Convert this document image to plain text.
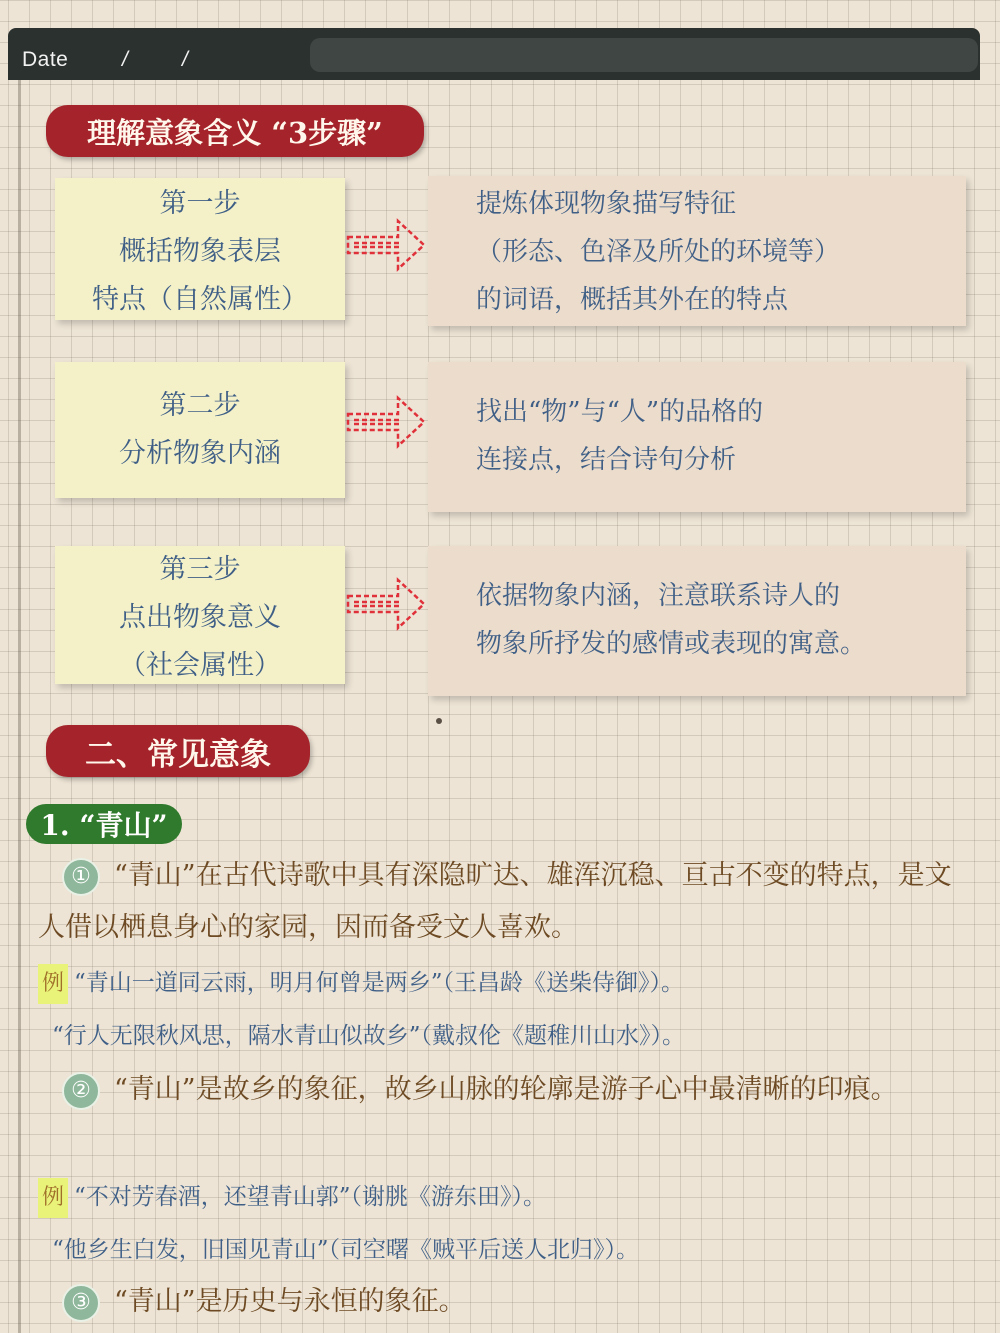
Date	/	/
理解意象含义 “3步骤”
第一步
概括物象表层
特点（自然属性）
提炼体现物象描写特征
（形态、色泽及所处的环境等）
的词语，概括其外在的特点
第二步
分析物象内涵
找出“物”与“人”的品格的
连接点，结合诗句分析
第三步
点出物象意义
（社会属性）
依据物象内涵，注意联系诗人的
物象所抒发的感情或表现的寓意。
二、常见意象
1. “青山”
① “青山”在古代诗歌中具有深隐旷达、雄浑沉稳、亘古不变的特点，是文人借以栖息身心的家园，因而备受文人喜欢。
例 “青山一道同云雨，明月何曾是两乡”（王昌龄《送柴侍御》）。
“行人无限秋风思，隔水青山似故乡”（戴叔伦《题稚川山水》）。
② “青山”是故乡的象征，故乡山脉的轮廓是游子心中最清晰的印痕。
例 “不对芳春酒，还望青山郭”（谢朓《游东田》）。
“他乡生白发，旧国见青山”（司空曙《贼平后送人北归》）。
③ “青山”是历史与永恒的象征。
